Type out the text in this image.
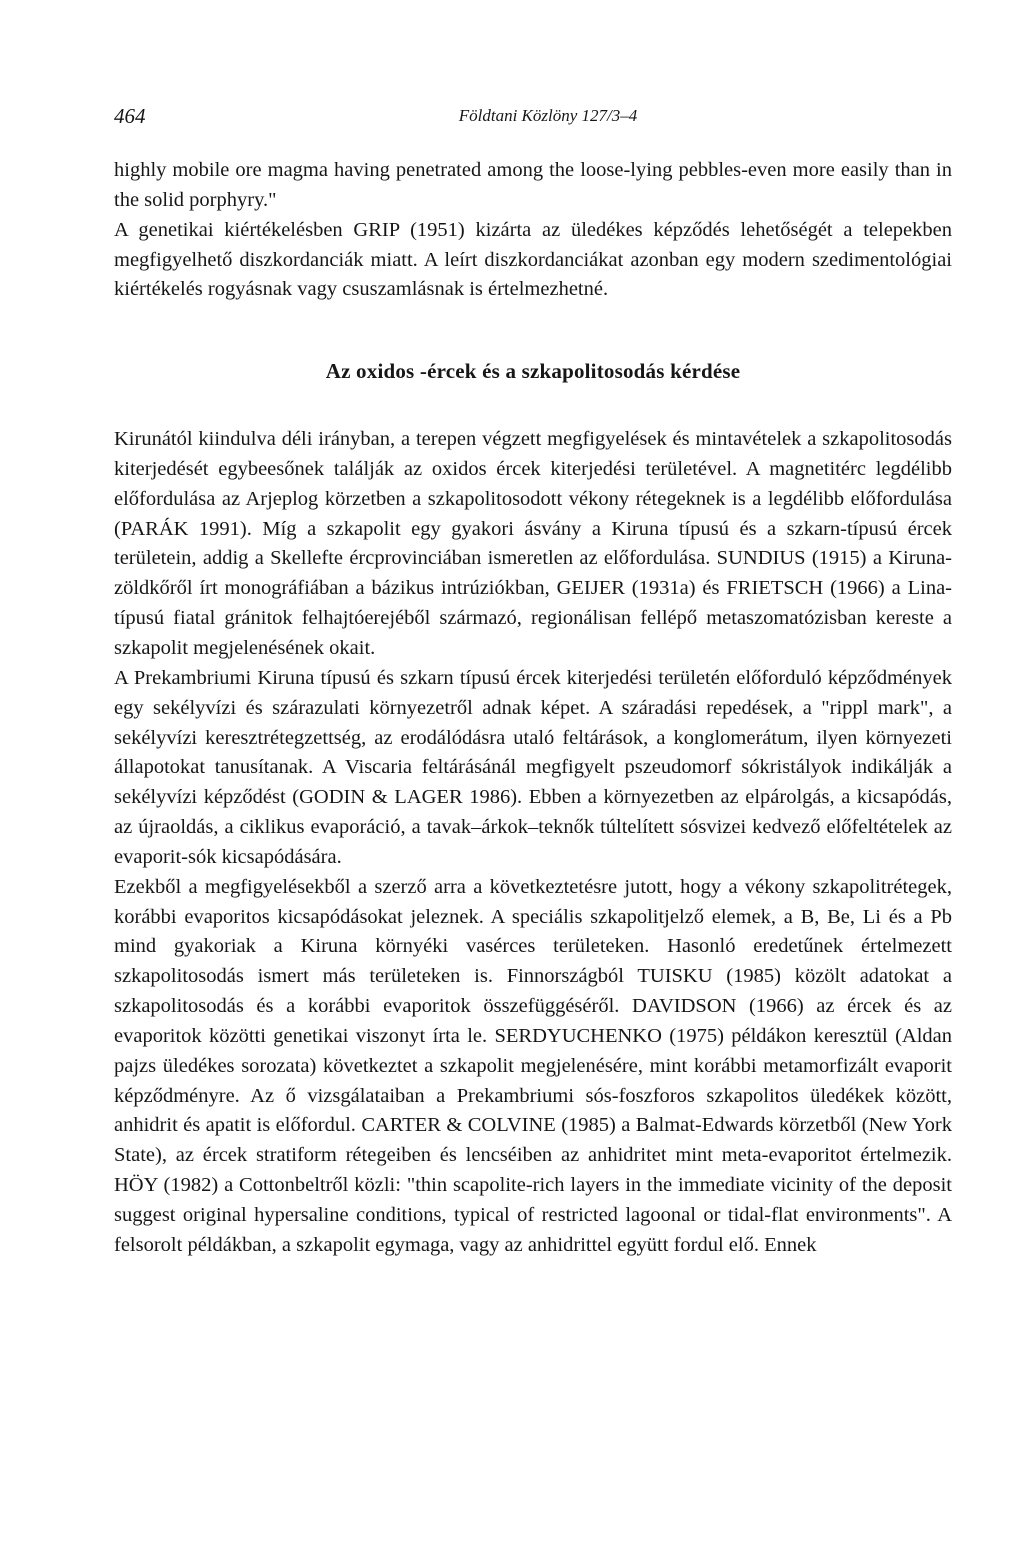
464	Földtani Közlöny 127/3–4

highly mobile ore magma having penetrated among the loose-lying pebbles-even more easily than in the solid porphyry."

A genetikai kiértékelésben GRIP (1951) kizárta az üledékes képződés lehetőségét a telepekben megfigyelhető diszkordanciák miatt. A leírt diszkordanciákat azonban egy modern szedimentológiai kiértékelés rogyásnak vagy csuszamlásnak is értelmezhetné.

Az oxidos -ércek és a szkapolitosodás kérdése

Kirunától kiindulva déli irányban, a terepen végzett megfigyelések és mintavételek a szkapolitosodás kiterjedését egybeesőnek találják az oxidos ércek kiterjedési területével. A magnetitérc legdélibb előfordulása az Arjeplog körzetben a szkapolitosodott vékony rétegeknek is a legdélibb előfordulása (PARÁK 1991). Míg a szkapolit egy gyakori ásvány a Kiruna típusú és a szkarn-típusú ércek területein, addig a Skellefte ércprovinciában ismeretlen az előfordulása. SUNDIUS (1915) a Kiruna-zöldkőről írt monográfiában a bázikus intrúziókban, GEIJER (1931a) és FRIETSCH (1966) a Lina-típusú fiatal gránitok felhajtóerejéből származó, regionálisan fellépő metaszomatózisban kereste a szkapolit megjelenésének okait.

A Prekambriumi Kiruna típusú és szkarn típusú ércek kiterjedési területén előforduló képződmények egy sekélyvízi és szárazulati környezetről adnak képet. A száradási repedések, a "rippl mark", a sekélyvízi keresztrétegzettség, az erodálódásra utaló feltárások, a konglomerátum, ilyen környezeti állapotokat tanusítanak. A Viscaria feltárásánál megfigyelt pszeudomorf sókristályok indikálják a sekélyvízi képződést (GODIN & LAGER 1986). Ebben a környezetben az elpárolgás, a kicsapódás, az újraoldás, a ciklikus evaporáció, a tavak–árkok–teknők túltelített sósvizei kedvező előfeltételek az evaporit-sók kicsapódására.

Ezekből a megfigyelésekből a szerző arra a következtetésre jutott, hogy a vékony szkapolitrétegek, korábbi evaporitos kicsapódásokat jeleznek. A speciális szkapolitjelző elemek, a B, Be, Li és a Pb mind gyakoriak a Kiruna környéki vasérces területeken. Hasonló eredetűnek értelmezett szkapolitosodás ismert más területeken is. Finnországból TUISKU (1985) közölt adatokat a szkapolitosodás és a korábbi evaporitok összefüggéséről. DAVIDSON (1966) az ércek és az evaporitok közötti genetikai viszonyt írta le. SERDYUCHENKO (1975) példákon keresztül (Aldan pajzs üledékes sorozata) következtet a szkapolit megjelenésére, mint korábbi metamorfizált evaporit képződményre. Az ő vizsgálataiban a Prekambriumi sós-foszforos szkapolitos üledékek között, anhidrit és apatit is előfordul. CARTER & COLVINE (1985) a Balmat-Edwards körzetből (New York State), az ércek stratiform rétegeiben és lencséiben az anhidritet mint meta-evaporitot értelmezik. HÖY (1982) a Cottonbeltről közli: "thin scapolite-rich layers in the immediate vicinity of the deposit suggest original hypersaline conditions, typical of restricted lagoonal or tidal-flat environments". A felsorolt példákban, a szkapolit egymaga, vagy az anhidrittel együtt fordul elő. Ennek
